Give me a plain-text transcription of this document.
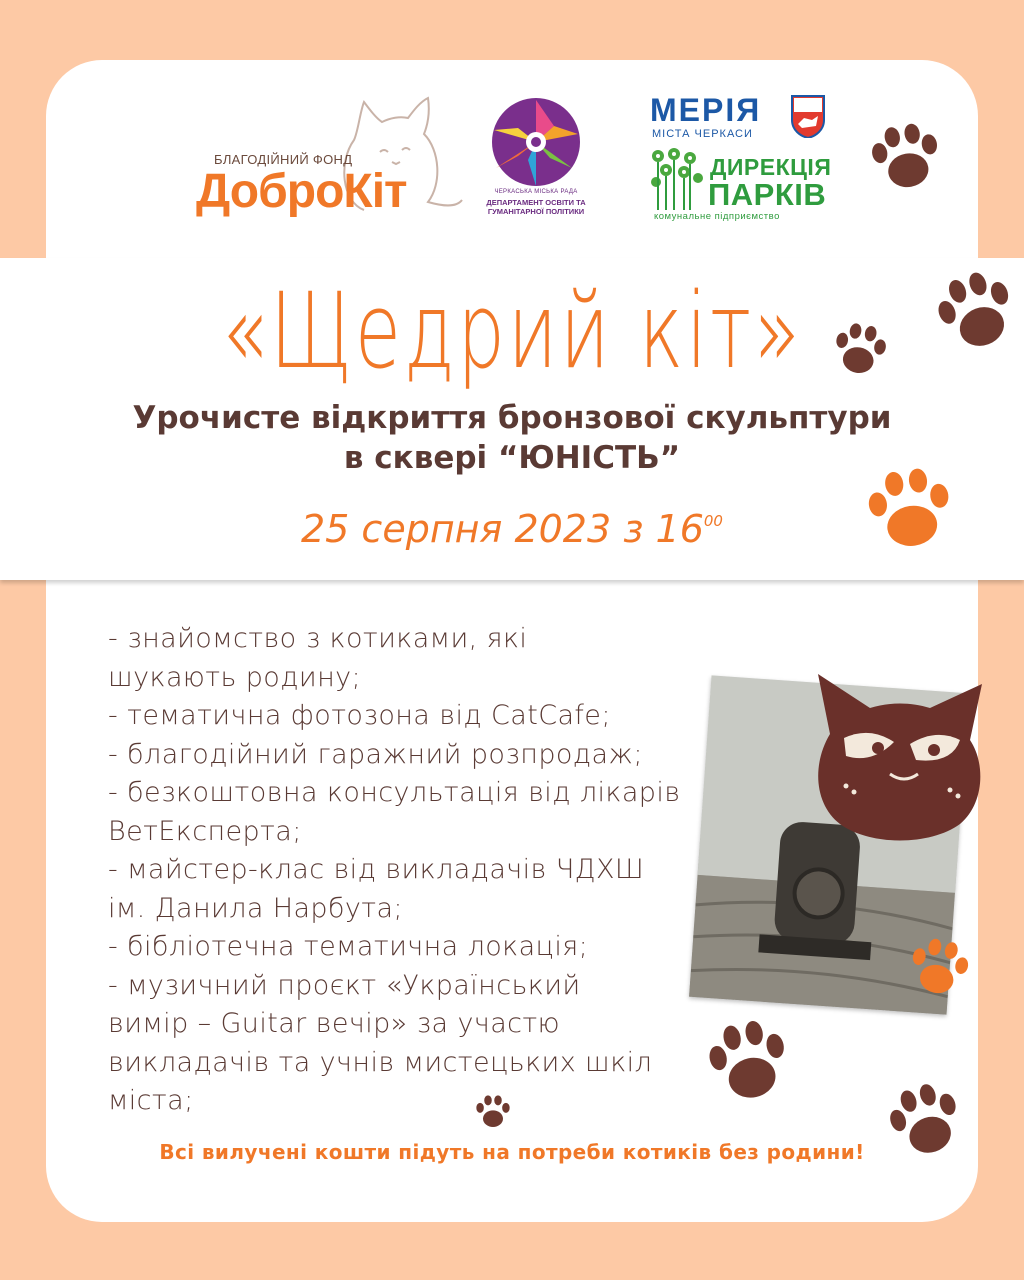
БЛАГОДІЙНИЙ ФОНД
ДоброКіт	ЧЕРКАСЬКА МІСЬКА РАДА
ДЕПАРТАМЕНТ ОСВІТИ ТА
ГУМАНІТАРНОЇ ПОЛІТИКИ
МЕРІЯ
МІСТА ЧЕРКАСИ
ДИРЕКЦІЯ
ПАРКІВ
комунальне підприємство
«Щедрий кіт»
Урочисте відкриття бронзової скульптури
в сквері “ЮНІСТЬ”
25 серпня 2023 з $16^{00}$
- знайомство з котиками, які
шукають родину;
- тематична фотозона від CatCafe;
- благодійний гаражний розпродаж;
- безкоштовна консультація від лікарів
ВетЕксперта;
- майстер-клас від викладачів ЧДХШ
ім. Данила Нарбута;
- бібліотечна тематична локація;
- музичний проєкт «Український
вимір – Guitar вечір» за участю
викладачів та учнів мистецьких шкіл
міста;
Всі вилучені кошти підуть на потреби котиків без родини!
